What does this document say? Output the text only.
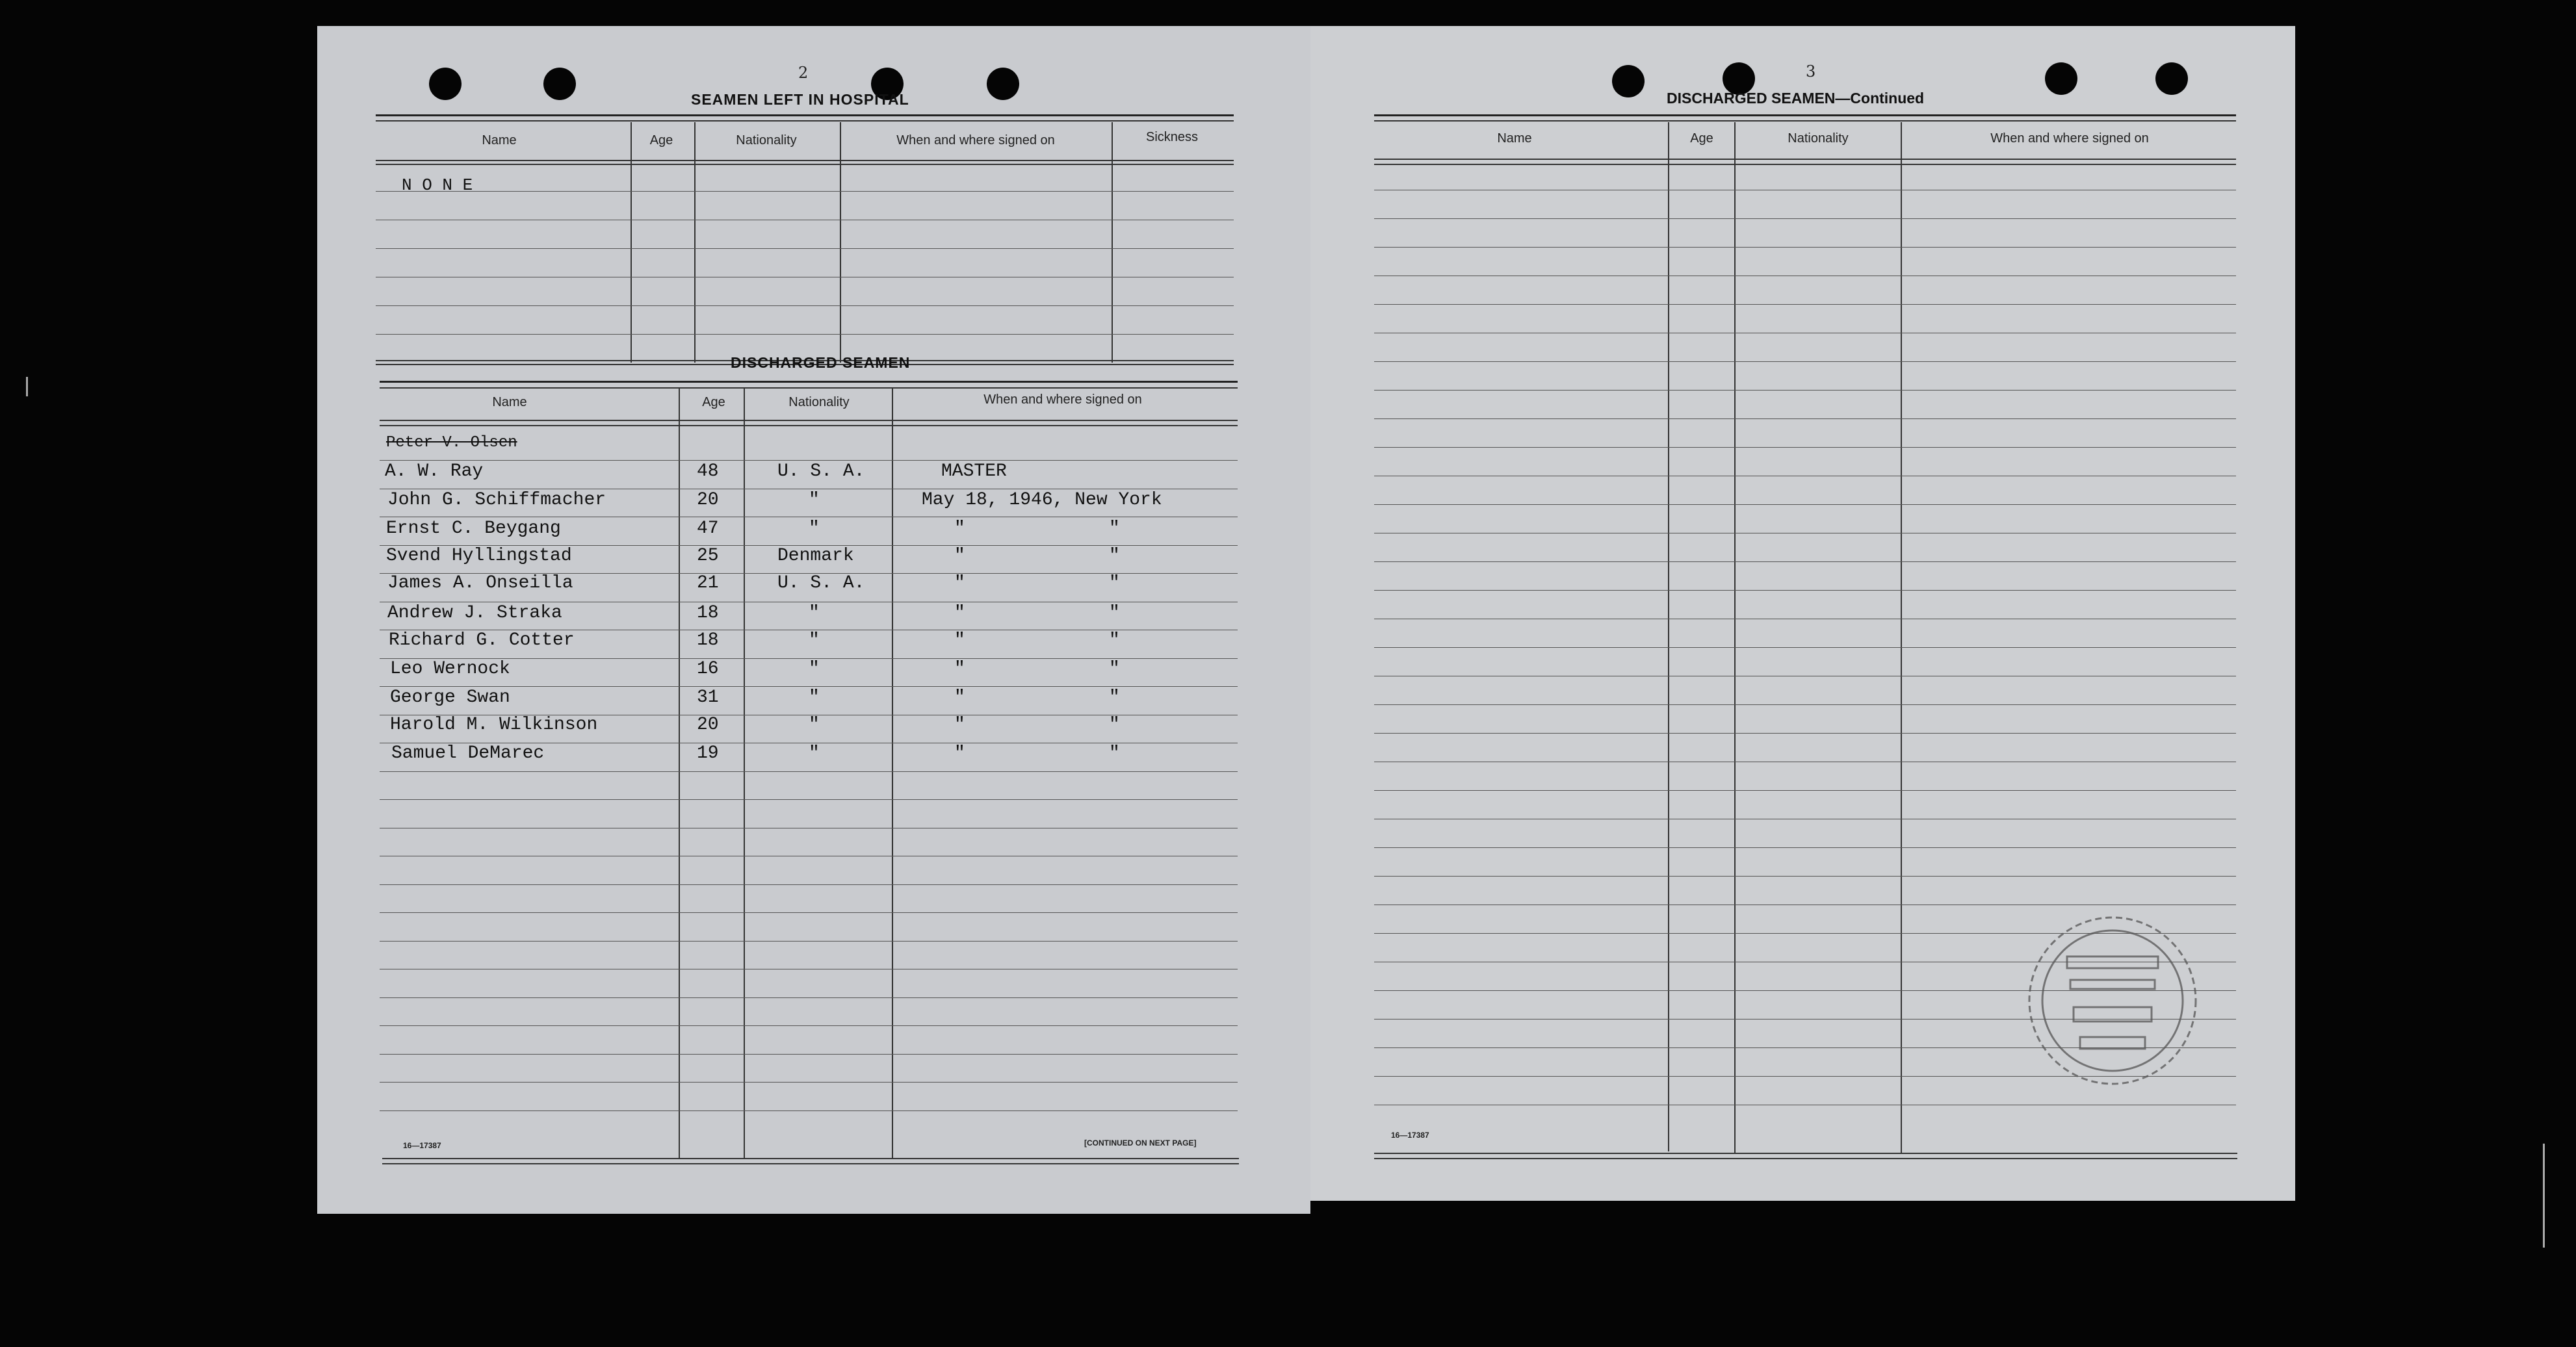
2
SEAMEN LEFT IN HOSPITAL
Name	Age	Nationality	When and where signed on	Sickness
N O N E
DISCHARGED SEAMEN
Name	Age	Nationality	When and where signed on
Peter V. Olsen
A. W. Ray	48	U. S. A.	MASTER
John G. Schiffmacher	20	"	May 18, 1946, New York
Ernst C. Beygang	47	"	"	"
Svend Hyllingstad	25	Denmark	"	"
James A. Onseilla	21	U. S. A.	"	"
Andrew J. Straka	18	"	"	"
Richard G. Cotter	18	"	"	"
Leo Wernock	16	"	"	"
George Swan	31	"	"	"
Harold M. Wilkinson	20	"	"	"
Samuel DeMarec	19	"	"	"
16—17387	[CONTINUED ON NEXT PAGE]
3
DISCHARGED SEAMEN—Continued
Name	Age	Nationality	When and where signed on
16—17387
